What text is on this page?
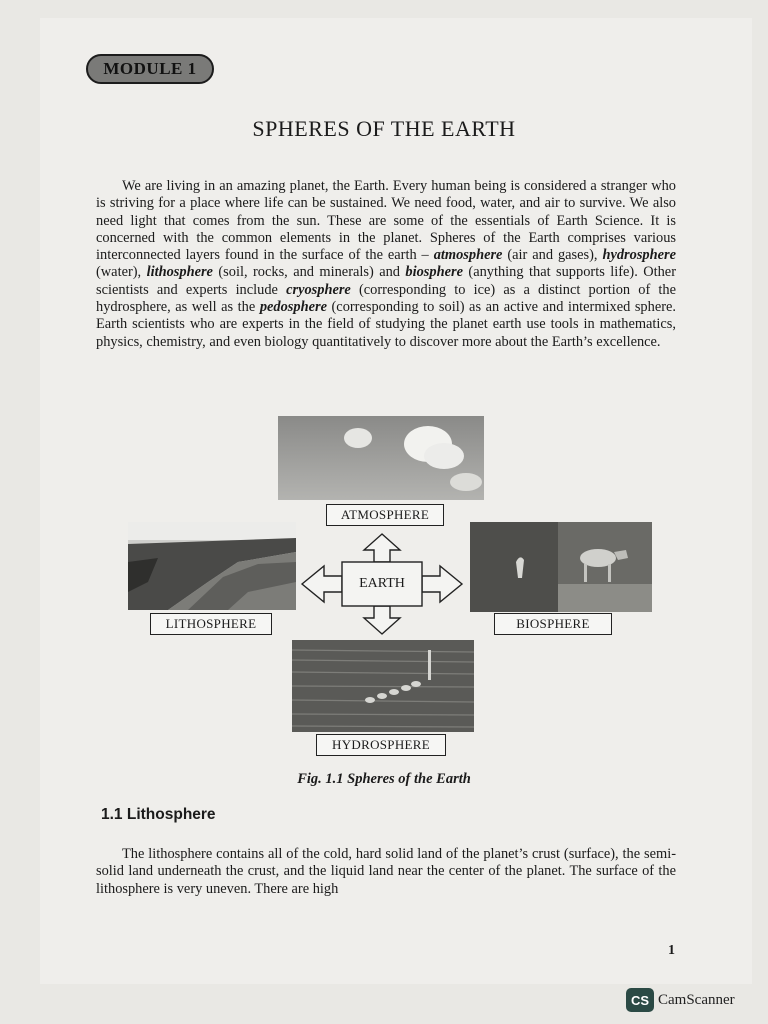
MODULE 1
SPHERES OF THE EARTH

We are living in an amazing planet, the Earth. Every human being is considered a stranger who is striving for a place where life can be sustained. We need food, water, and air to survive. We also need light that comes from the sun. These are some of the essentials of Earth Science. It is concerned with the common elements in the planet. Spheres of the Earth comprises various interconnected layers found in the surface of the earth – atmosphere (air and gases), hydrosphere (water), lithosphere (soil, rocks, and minerals) and biosphere (anything that supports life). Other scientists and experts include cryosphere (corresponding to ice) as a distinct portion of the hydrosphere, as well as the pedosphere (corresponding to soil) as an active and intermixed sphere. Earth scientists who are experts in the field of studying the planet earth use tools in mathematics, physics, chemistry, and even biology quantitatively to discover more about the Earth’s excellence.

ATMOSPHERE
LITHOSPHERE	BIOSPHERE
EARTH
HYDROSPHERE
Fig. 1.1 Spheres of the Earth
1.1 Lithosphere

The lithosphere contains all of the cold, hard solid land of the planet’s crust (surface), the semi-solid land underneath the crust, and the liquid land near the center of the planet. The surface of the lithosphere is very uneven. There are high

1
CS CamScanner
